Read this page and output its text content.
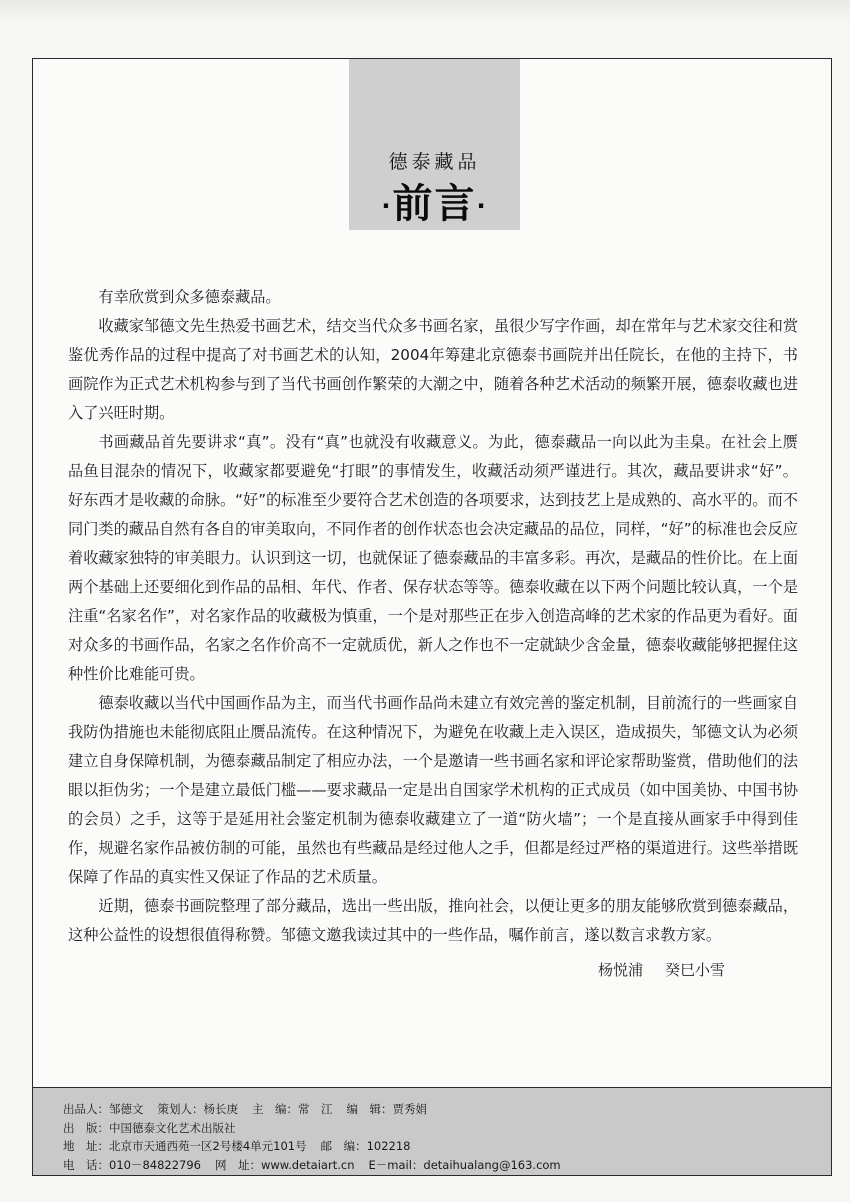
德泰藏品
·前言·

有幸欣赏到众多德泰藏品。

收藏家邹德文先生热爱书画艺术，结交当代众多书画名家，虽很少写字作画，却在常年与艺术家交往和赏鉴优秀作品的过程中提高了对书画艺术的认知，2004年筹建北京德泰书画院并出任院长，在他的主持下，书画院作为正式艺术机构参与到了当代书画创作繁荣的大潮之中，随着各种艺术活动的频繁开展，德泰收藏也进入了兴旺时期。

书画藏品首先要讲求“真”。没有“真”也就没有收藏意义。为此，德泰藏品一向以此为圭臬。在社会上赝品鱼目混杂的情况下，收藏家都要避免“打眼”的事情发生，收藏活动须严谨进行。其次，藏品要讲求“好”。好东西才是收藏的命脉。“好”的标准至少要符合艺术创造的各项要求，达到技艺上是成熟的、高水平的。而不同门类的藏品自然有各自的审美取向，不同作者的创作状态也会决定藏品的品位，同样，“好”的标准也会反应着收藏家独特的审美眼力。认识到这一切，也就保证了德泰藏品的丰富多彩。再次，是藏品的性价比。在上面两个基础上还要细化到作品的品相、年代、作者、保存状态等等。德泰收藏在以下两个问题比较认真，一个是注重“名家名作”，对名家作品的收藏极为慎重，一个是对那些正在步入创造高峰的艺术家的作品更为看好。面对众多的书画作品，名家之名作价高不一定就质优，新人之作也不一定就缺少含金量，德泰收藏能够把握住这种性价比难能可贵。

德泰收藏以当代中国画作品为主，而当代书画作品尚未建立有效完善的鉴定机制，目前流行的一些画家自我防伪措施也未能彻底阻止赝品流传。在这种情况下，为避免在收藏上走入误区，造成损失，邹德文认为必须建立自身保障机制，为德泰藏品制定了相应办法，一个是邀请一些书画名家和评论家帮助鉴赏，借助他们的法眼以拒伪劣；一个是建立最低门槛——要求藏品一定是出自国家学术机构的正式成员（如中国美协、中国书协的会员）之手，这等于是延用社会鉴定机制为德泰收藏建立了一道“防火墙”；一个是直接从画家手中得到佳作，规避名家作品被仿制的可能，虽然也有些藏品是经过他人之手，但都是经过严格的渠道进行。这些举措既保障了作品的真实性又保证了作品的艺术质量。

近期，德泰书画院整理了部分藏品，选出一些出版，推向社会，以便让更多的朋友能够欣赏到德泰藏品，这种公益性的设想很值得称赞。邹德文邀我读过其中的一些作品，嘱作前言，遂以数言求教方家。

杨悦浦 癸巳小雪
出品人：邹德文 策划人：杨长庚 主　编：常　江 编　辑：贾秀娟
出　版：中国德泰文化艺术出版社
地　址：北京市天通西苑一区2号楼4单元101号 邮　编：102218
电　话：010－84822796 网　址：www.detaiart.cn E－mail：detaihualang@163.com
